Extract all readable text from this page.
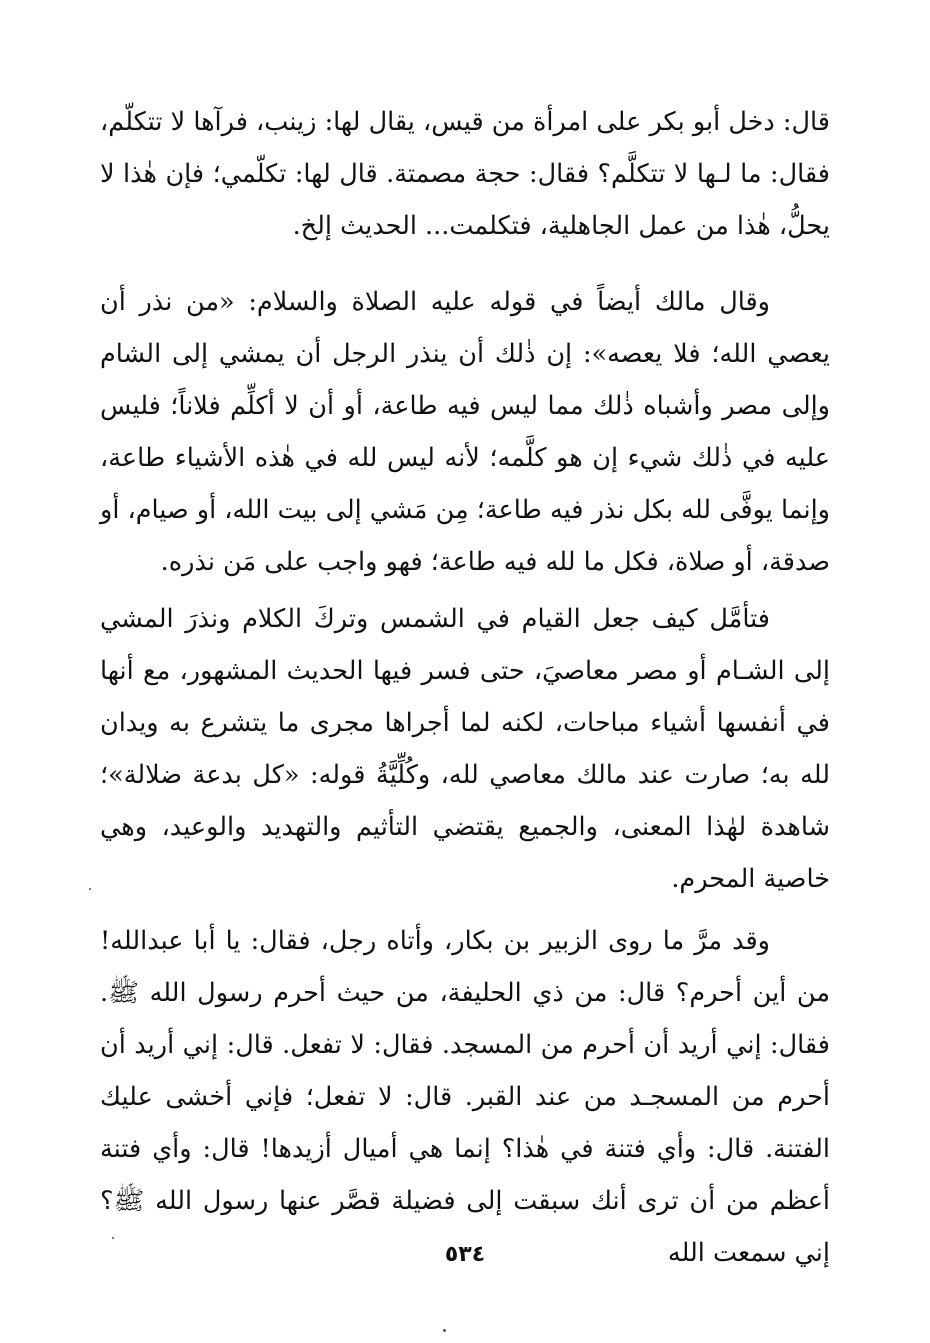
قال: دخل أبو بكر على امرأة من قيس، يقال لها: زينب، فرآها لا تتكلّم، فقال: ما لـها لا تتكلَّم؟ فقال: حجة مصمتة. قال لها: تكلّمي؛ فإن هٰذا لا يحلُّ، هٰذا من عمل الجاهلية، فتكلمت... الحديث إلخ.

وقال مالك أيضاً في قوله عليه الصلاة والسلام: «من نذر أن يعصي الله؛ فلا يعصه»: إن ذٰلك أن ينذر الرجل أن يمشي إلى الشام وإلى مصر وأشباه ذٰلك مما ليس فيه طاعة، أو أن لا أكلِّم فلاناً؛ فليس عليه في ذٰلك شيء إن هو كلَّمه؛ لأنه ليس لله في هٰذه الأشياء طاعة، وإنما يوفَّى لله بكل نذر فيه طاعة؛ مِن مَشي إلى بيت الله، أو صيام، أو صدقة، أو صلاة، فكل ما لله فيه طاعة؛ فهو واجب على مَن نذره.

فتأمَّل كيف جعل القيام في الشمس وتركَ الكلام ونذرَ المشي إلى الشـام أو مصر معاصيَ، حتى فسر فيها الحديث المشهور، مع أنها في أنفسها أشياء مباحات، لكنه لما أجراها مجرى ما يتشرع به ويدان لله به؛ صارت عند مالك معاصي لله، وكُلِّيَّةُ قوله: «كل بدعة ضلالة»؛ شاهدة لهٰذا المعنى، والجميع يقتضي التأثيم والتهديد والوعيد، وهي خاصية المحرم.

وقد مرَّ ما روى الزبير بن بكار، وأتاه رجل، فقال: يا أبا عبدالله! من أين أحرم؟ قال: من ذي الحليفة، من حيث أحرم رسول الله ﷺ. فقال: إني أريد أن أحرم من المسجد. فقال: لا تفعل. قال: إني أريد أن أحرم من المسجـد من عند القبر. قال: لا تفعل؛ فإني أخشى عليك الفتنة. قال: وأي فتنة في هٰذا؟ إنما هي أميال أزيدها! قال: وأي فتنة أعظم من أن ترى أنك سبقت إلى فضيلة قصَّر عنها رسول الله ﷺ؟ إني سمعت الله

٥٣٤
